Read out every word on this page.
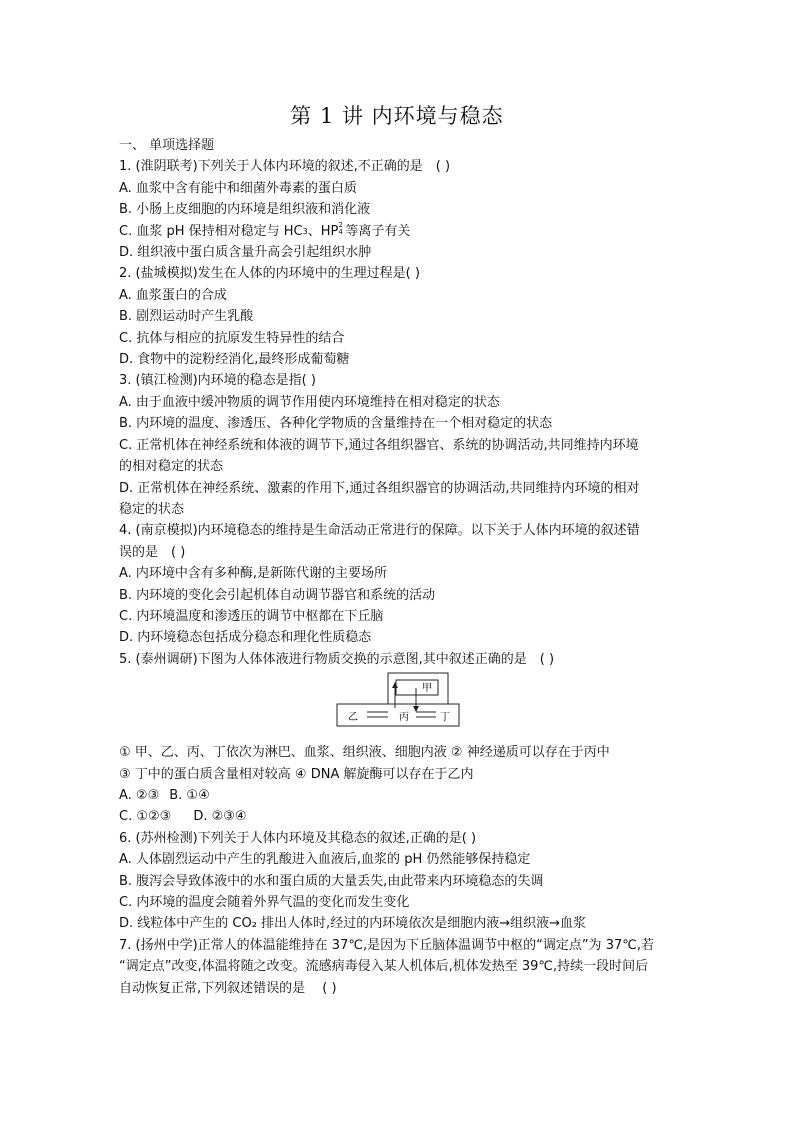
第 1 讲 内环境与稳态
一、 单项选择题
1. (淮阴联考)下列关于人体内环境的叙述,不正确的是　( )
A. 血浆中含有能中和细菌外毒素的蛋白质
B. 小肠上皮细胞的内环境是组织液和消化液
C. 血浆 pH 保持相对稳定与 HC3、HP 2
4 等离子有关
D. 组织液中蛋白质含量升高会引起组织水肿
2. (盐城模拟)发生在人体的内环境中的生理过程是( )
A. 血浆蛋白的合成
B. 剧烈运动时产生乳酸
C. 抗体与相应的抗原发生特异性的结合
D. 食物中的淀粉经消化,最终形成葡萄糖
3. (镇江检测)内环境的稳态是指( )
A. 由于血液中缓冲物质的调节作用使内环境维持在相对稳定的状态
B. 内环境的温度、渗透压、各种化学物质的含量维持在一个相对稳定的状态
C. 正常机体在神经系统和体液的调节下,通过各组织器官、系统的协调活动,共同维持内环境
的相对稳定的状态
D. 正常机体在神经系统、激素的作用下,通过各组织器官的协调活动,共同维持内环境的相对
稳定的状态
4. (南京模拟)内环境稳态的维持是生命活动正常进行的保障。以下关于人体内环境的叙述错
误的是　( )
A. 内环境中含有多种酶,是新陈代谢的主要场所
B. 内环境的变化会引起机体自动调节器官和系统的活动
C. 内环境温度和渗透压的调节中枢都在下丘脑
D. 内环境稳态包括成分稳态和理化性质稳态
5. (泰州调研)下图为人体体液进行物质交换的示意图,其中叙述正确的是　( )
甲
乙	丙	丁
① 甲、乙、丙、丁依次为淋巴、血浆、组织液、细胞内液 ② 神经递质可以存在于丙中
③ 丁中的蛋白质含量相对较高 ④ DNA 解旋酶可以存在于乙内
A. ②③ B. ①④
C. ①②③ D. ②③④
6. (苏州检测)下列关于人体内环境及其稳态的叙述,正确的是( )
A. 人体剧烈运动中产生的乳酸进入血液后,血浆的 pH 仍然能够保持稳定
B. 腹泻会导致体液中的水和蛋白质的大量丢失,由此带来内环境稳态的失调
C. 内环境的温度会随着外界气温的变化而发生变化
D. 线粒体中产生的 CO₂ 排出人体时,经过的内环境依次是细胞内液→组织液→血浆
7. (扬州中学)正常人的体温能维持在 37℃,是因为下丘脑体温调节中枢的“调定点”为 37℃,若
“调定点”改变,体温将随之改变。流感病毒侵入某人机体后,机体发热至 39℃,持续一段时间后
自动恢复正常,下列叙述错误的是　 ( )
